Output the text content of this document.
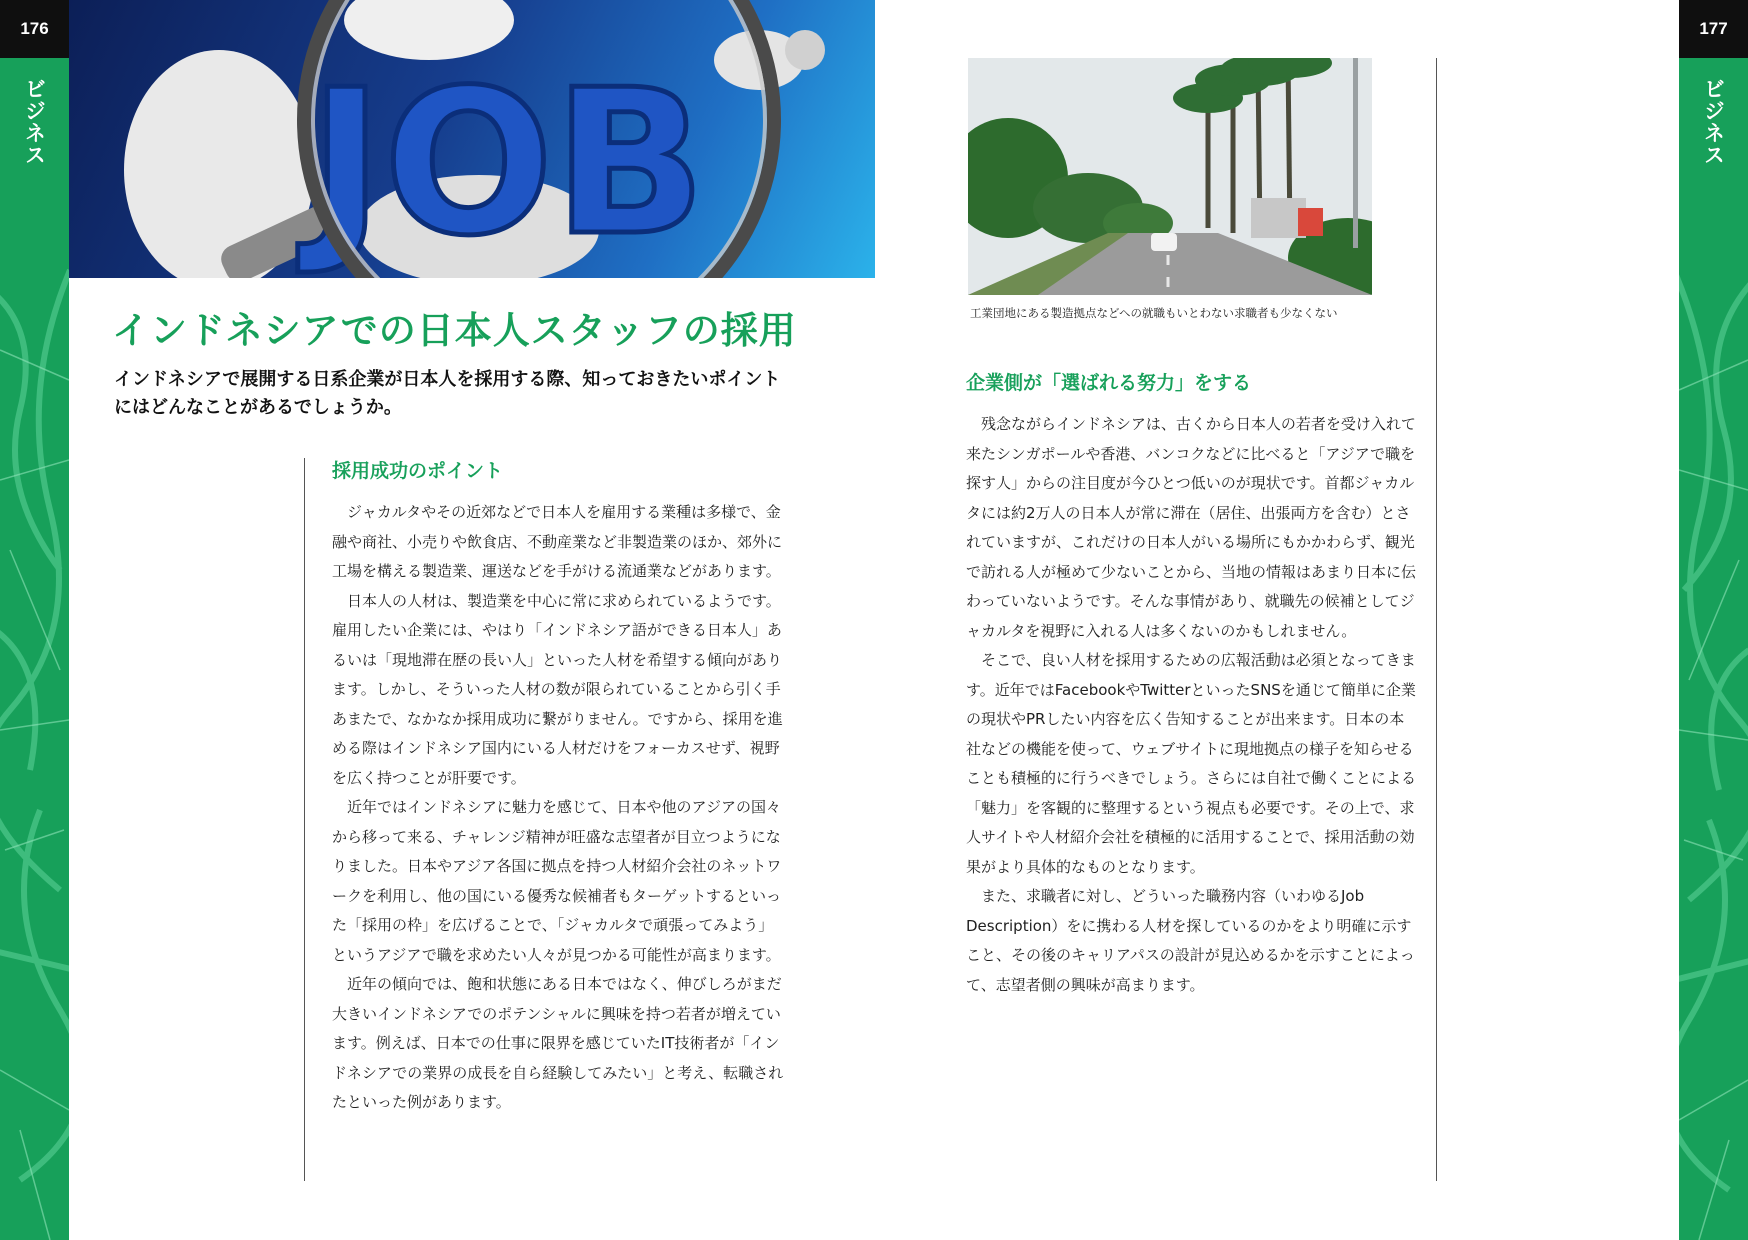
176
ビジネス
177
ビジネス
JOB
インドネシアでの日本人スタッフの採用

インドネシアで展開する日系企業が日本人を採用する際、知っておきたいポイントにはどんなことがあるでしょうか。

採用成功のポイント

ジャカルタやその近郊などで日本人を雇用する業種は多様で、金融や商社、小売りや飲食店、不動産業など非製造業のほか、郊外に工場を構える製造業、運送などを手がける流通業などがあります。

日本人の人材は、製造業を中心に常に求められているようです。雇用したい企業には、やはり「インドネシア語ができる日本人」あるいは「現地滞在歴の長い人」といった人材を希望する傾向があります。しかし、そういった人材の数が限られていることから引く手あまたで、なかなか採用成功に繋がりません。ですから、採用を進める際はインドネシア国内にいる人材だけをフォーカスせず、視野を広く持つことが肝要です。

近年ではインドネシアに魅力を感じて、日本や他のアジアの国々から移って来る、チャレンジ精神が旺盛な志望者が目立つようになりました。日本やアジア各国に拠点を持つ人材紹介会社のネットワークを利用し、他の国にいる優秀な候補者もターゲットするといった「採用の枠」を広げることで、「ジャカルタで頑張ってみよう」というアジアで職を求めたい人々が見つかる可能性が高まります。

近年の傾向では、飽和状態にある日本ではなく、伸びしろがまだ大きいインドネシアでのポテンシャルに興味を持つ若者が増えています。例えば、日本での仕事に限界を感じていたIT技術者が「インドネシアでの業界の成長を自ら経験してみたい」と考え、転職されたといった例があります。

工業団地にある製造拠点などへの就職もいとわない求職者も少なくない

企業側が「選ばれる努力」をする

残念ながらインドネシアは、古くから日本人の若者を受け入れて来たシンガポールや香港、バンコクなどに比べると「アジアで職を探す人」からの注目度が今ひとつ低いのが現状です。首都ジャカルタには約2万人の日本人が常に滞在（居住、出張両方を含む）とされていますが、これだけの日本人がいる場所にもかかわらず、観光で訪れる人が極めて少ないことから、当地の情報はあまり日本に伝わっていないようです。そんな事情があり、就職先の候補としてジャカルタを視野に入れる人は多くないのかもしれません。

そこで、良い人材を採用するための広報活動は必須となってきます。近年ではFacebookやTwitterといったSNSを通じて簡単に企業の現状やPRしたい内容を広く告知することが出来ます。日本の本社などの機能を使って、ウェブサイトに現地拠点の様子を知らせることも積極的に行うべきでしょう。さらには自社で働くことによる「魅力」を客観的に整理するという視点も必要です。その上で、求人サイトや人材紹介会社を積極的に活用することで、採用活動の効果がより具体的なものとなります。

また、求職者に対し、どういった職務内容（いわゆるJob Description）をに携わる人材を探しているのかをより明確に示すこと、その後のキャリアパスの設計が見込めるかを示すことによって、志望者側の興味が高まります。
